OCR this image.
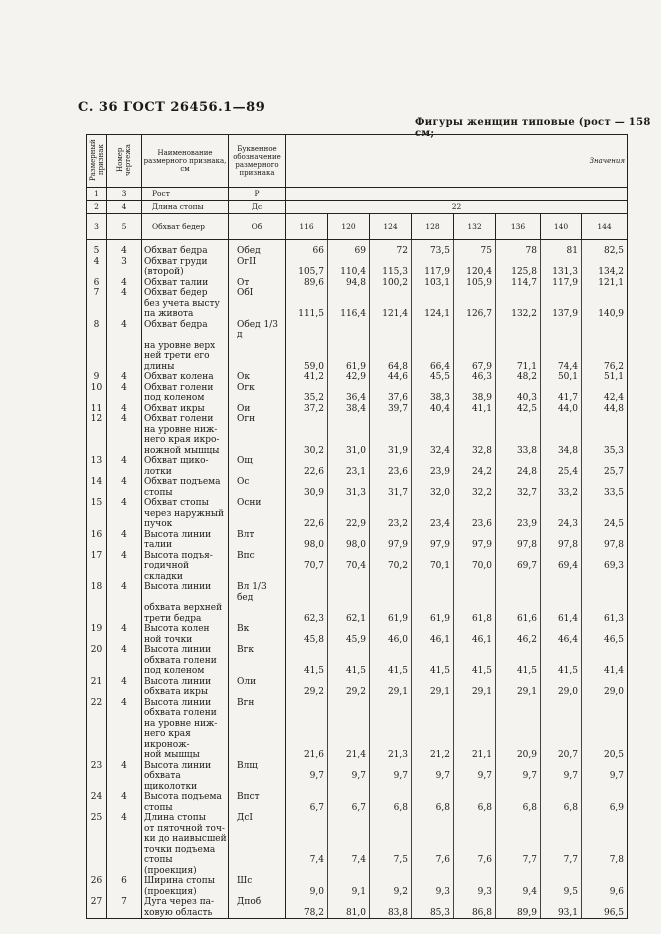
С. 36 ГОСТ 26456.1—89
Фигуры женщин типовые (рост — 158 см;
Размерный признак	Номер чертежа	Наименование размерного признака, см	Буквенное обозначение размерного признака	Значения							
1	3	Рост	Р								
2	4	Длина стопы	Дс	22							
3	5	Обхват бедер	Об	116	120	124	128	132	136	140	144

5	4	Обхват бедра	Обед	66	69	72	73,5	75	78	81	82,5
4	3	Обхват груди	ОгII								
		(второй)		105,7	110,4	115,3	117,9	120,4	125,8	131,3	134,2
6	4	Обхват талии	От	89,6	94,8	100,2	103,1	105,9	114,7	117,9	121,1
7	4	Обхват бедер	ОбI								
		без учета высту									
		па живота		111,5	116,4	121,4	124,1	126,7	132,2	137,9	140,9
8	4	Обхват бедра	Обед 1/3 д								
		на уровне верх									
		ней трети его									
		длины		59,0	61,9	64,8	66,4	67,9	71,1	74,4	76,2
9	4	Обхват колена	Ок	41,2	42,9	44,6	45,5	46,3	48,2	50,1	51,1
10	4	Обхват голени	Огк								
		под коленом		35,2	36,4	37,6	38,3	38,9	40,3	41,7	42,4
11	4	Обхват икры	Ои	37,2	38,4	39,7	40,4	41,1	42,5	44,0	44,8
12	4	Обхват голени	Огн								
		на уровне ниж-									
		него края икро-									
		ножной мышцы		30,2	31,0	31,9	32,4	32,8	33,8	34,8	35,3
13	4	Обхват щико-	Ощ								
		лотки		22,6	23,1	23,6	23,9	24,2	24,8	25,4	25,7
14	4	Обхват подъема	Ос								
		стопы		30,9	31,3	31,7	32,0	32,2	32,7	33,2	33,5
15	4	Обхват стопы	Осни								
		через наружный									
		пучок		22,6	22,9	23,2	23,4	23,6	23,9	24,3	24,5
16	4	Высота линии	Влт								
		талии		98,0	98,0	97,9	97,9	97,9	97,8	97,8	97,8
17	4	Высота подъя-	Впс								
		годичной складки		70,7	70,4	70,2	70,1	70,0	69,7	69,4	69,3
18	4	Высота линии	Вл 1/3 бед								
		обхвата верхней									
		трети бедра		62,3	62,1	61,9	61,9	61,8	61,6	61,4	61,3
19	4	Высота колен	Вк								
		ной точки		45,8	45,9	46,0	46,1	46,1	46,2	46,4	46,5
20	4	Высота линии	Вгк								
		обхвата голени									
		под коленом		41,5	41,5	41,5	41,5	41,5	41,5	41,5	41,4
21	4	Высота линии	Оли								
		обхвата икры		29,2	29,2	29,1	29,1	29,1	29,1	29,0	29,0
22	4	Высота линии	Вгн								
		обхвата голени									
		на уровне ниж-									
		него края икронож-									
		ной мышцы		21,6	21,4	21,3	21,2	21,1	20,9	20,7	20,5
23	4	Высота линии	Влщ								
		обхвата щиколотки		9,7	9,7	9,7	9,7	9,7	9,7	9,7	9,7
24	4	Высота подъема	Впст								
		стопы		6,7	6,7	6,8	6,8	6,8	6,8	6,8	6,9
25	4	Длина стопы	ДсI								
		от пяточной точ-									
		ки до наивысшей									
		точки подъема									
		стопы (проекция)		7,4	7,4	7,5	7,6	7,6	7,7	7,7	7,8
26	6	Ширина стопы	Шс								
		(проекция)		9,0	9,1	9,2	9,3	9,3	9,4	9,5	9,6
27	7	Дуга через па-	Дпоб								
		ховую область		78,2	81,0	83,8	85,3	86,8	89,9	93,1	96,5
